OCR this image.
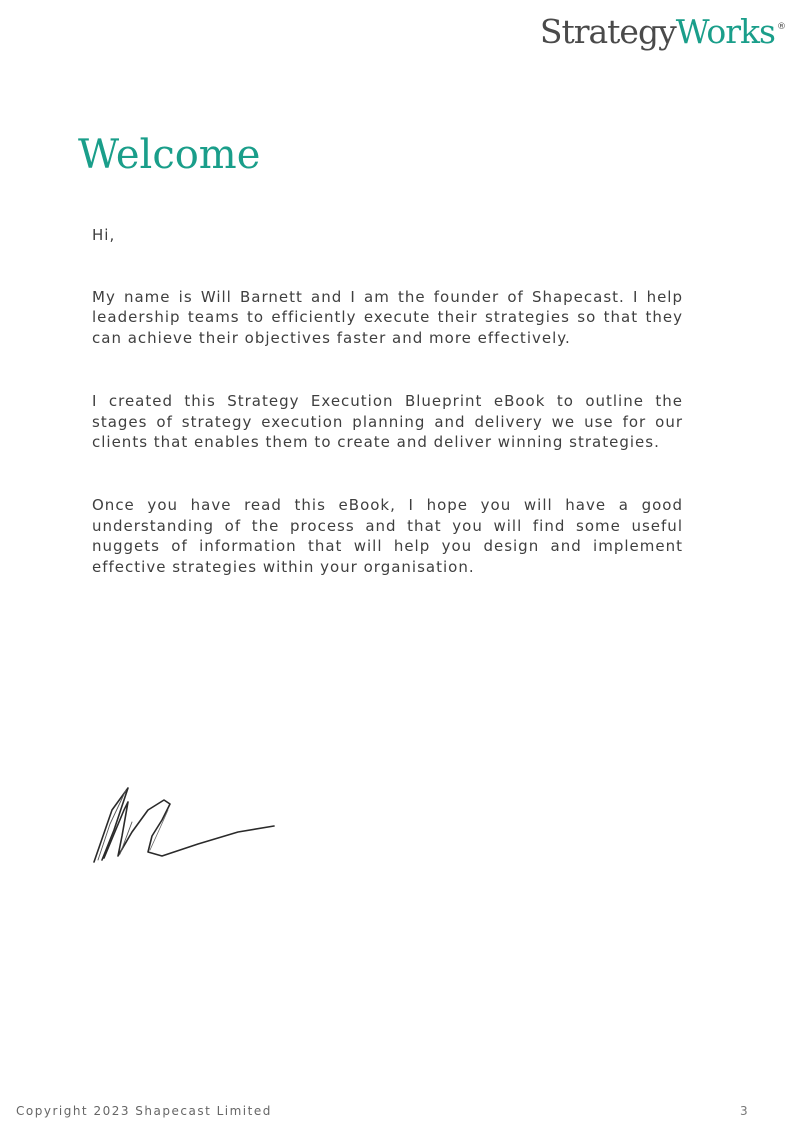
StrategyWorks ®
Welcome

Hi,

My name is Will Barnett and I am the founder of Shapecast. I help leadership teams to efficiently execute their strategies so that they can achieve their objectives faster and more effectively.

I created this Strategy Execution Blueprint eBook to outline the stages of strategy execution planning and delivery we use for our clients that enables them to create and deliver winning strategies.

Once you have read this eBook, I hope you will have a good understanding of the process and that you will find some useful nuggets of information that will help you design and implement effective strategies within your organisation.

Copyright 2023 Shapecast Limited	3
